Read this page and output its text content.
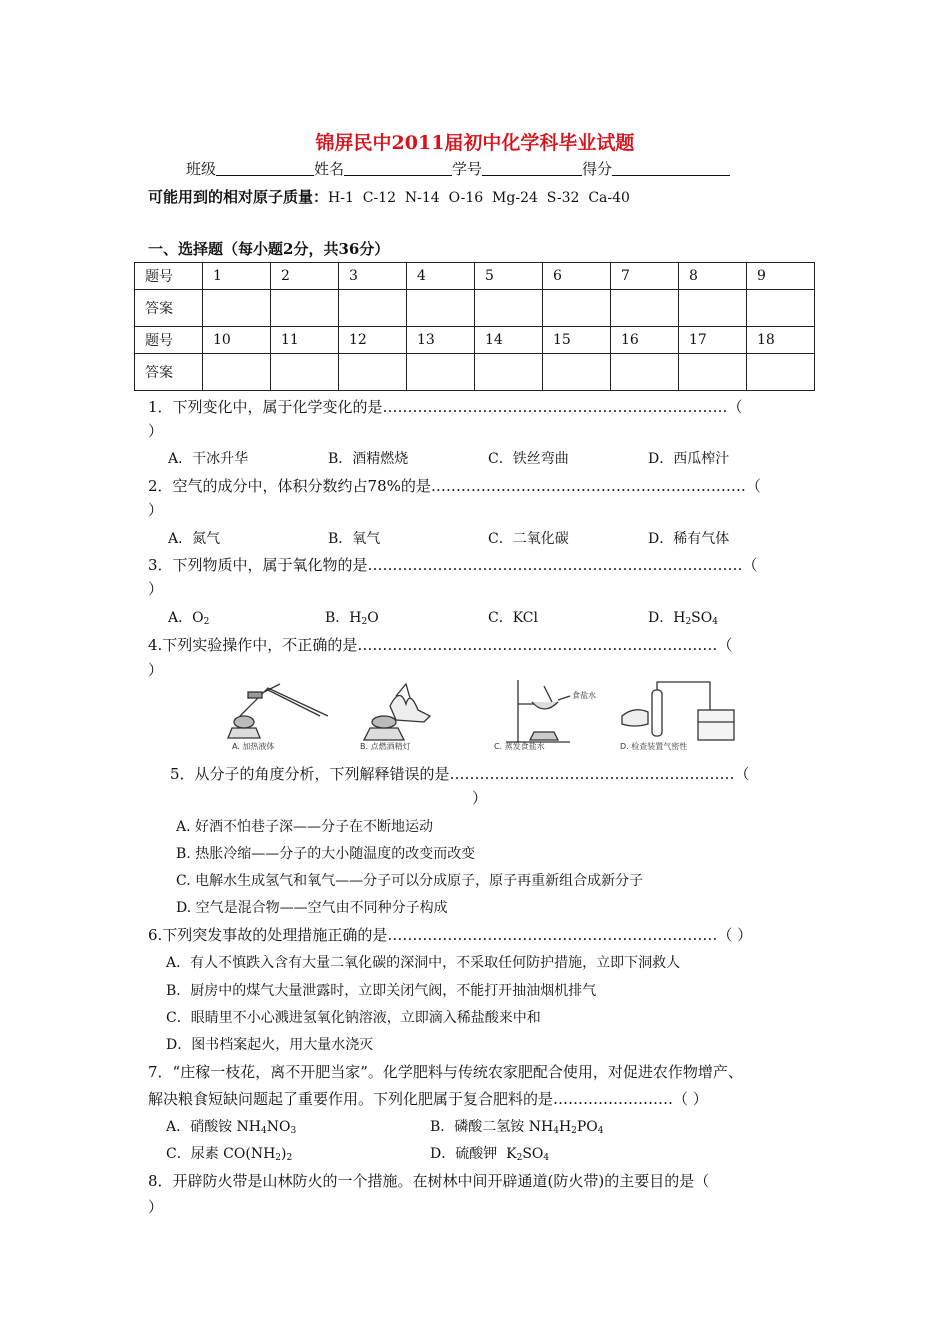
锦屏民中2011届初中化学科毕业试题
班级	姓名	学号	得分
可能用到的相对原子质量：H-1  C-12  N-14  O-16  Mg-24  S-32  Ca-40
一、选择题（每小题2分，共36分）
题号	1	2	3	4	5	6	7	8	9
答案									
题号	10	11	12	13	14	15	16	17	18
答案									
1．下列变化中，属于化学变化的是……………………………………………………………（
）
A．干冰升华	B．酒精燃烧	C．铁丝弯曲	D．西瓜榨汁
2．空气的成分中，体积分数约占78%的是………………………………………………………（
）
A．氮气	B．氧气	C．二氧化碳	D．稀有气体
3．下列物质中，属于氧化物的是…………………………………………………………………（
）
A．$O_2$	B．$H_2O$	C．KCl	D．$H_2SO_4$
4.下列实验操作中，不正确的是………………………………………………………………（
）
食盐水
A. 加热液体	B. 点燃酒精灯	C. 蒸发食盐水	D. 检查装置气密性
5．从分子的角度分析，下列解释错误的是…………………………………………………（
）
A. 好酒不怕巷子深——分子在不断地运动
B. 热胀冷缩——分子的大小随温度的改变而改变
C. 电解水生成氢气和氧气——分子可以分成原子，原子再重新组合成新分子
D. 空气是混合物——空气由不同种分子构成
6.下列突发事故的处理措施正确的是…………………………………………………………（ ）
A．有人不慎跌入含有大量二氧化碳的深洞中，不采取任何防护措施，立即下洞救人
B．厨房中的煤气大量泄露时，立即关闭气阀，不能打开抽油烟机排气
C．眼睛里不小心溅进氢氧化钠溶液，立即滴入稀盐酸来中和
D．图书档案起火，用大量水浇灭
7．“庄稼一枝花，离不开肥当家”。化学肥料与传统农家肥配合使用，对促进农作物增产、
解决粮食短缺问题起了重要作用。下列化肥属于复合肥料的是……………………（ ）
A．硝酸铵 $NH_4NO_3$	B．磷酸二氢铵 $NH_4H_2PO_4$
C．尿素 $CO(NH_2)_2$	D．硫酸钾  $K_2SO_4$
8．开辟防火带是山林防火的一个措施。在树林中间开辟通道(防火带)的主要目的是（
）
